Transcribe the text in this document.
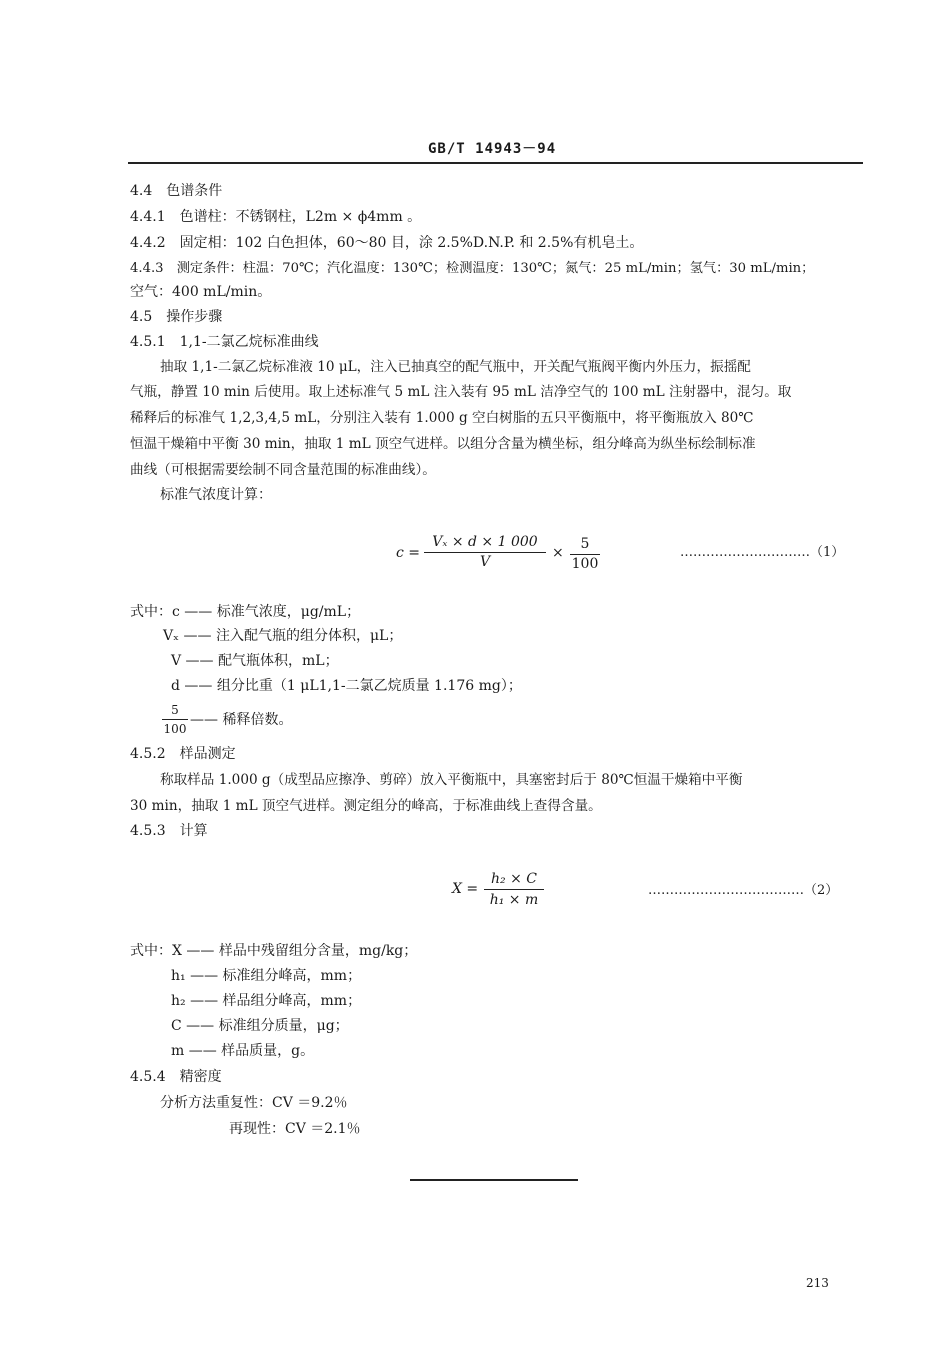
GB/T 14943－94
4.4　色谱条件
4.4.1　色谱柱：不锈钢柱，L2m × ϕ4mm 。
4.4.2　固定相：102 白色担体，60～80 目，涂 2.5%D.N.P. 和 2.5%有机皂土。
4.4.3　测定条件：柱温：70℃；汽化温度：130℃；检测温度：130℃；氮气：25 mL/min；氢气：30 mL/min；
空气：400 mL/min。
4.5　操作步骤
4.5.1　1,1-二氯乙烷标准曲线
抽取 1,1-二氯乙烷标准液 10 μL，注入已抽真空的配气瓶中，开关配气瓶阀平衡内外压力，振摇配
气瓶，静置 10 min 后使用。取上述标准气 5 mL 注入装有 95 mL 洁净空气的 100 mL 注射器中，混匀。取
稀释后的标准气 1,2,3,4,5 mL，分别注入装有 1.000 g 空白树脂的五只平衡瓶中，将平衡瓶放入 80℃
恒温干燥箱中平衡 30 min，抽取 1 mL 顶空气进样。以组分含量为横坐标，组分峰高为纵坐标绘制标准
曲线（可根据需要绘制不同含量范围的标准曲线）。
标准气浓度计算：
c =
Vₓ × d × 1 000
V
×
5
100
…………………………（1）
式中：c —— 标准气浓度，μg/mL；
Vₓ —— 注入配气瓶的组分体积，μL；
V —— 配气瓶体积，mL；
d —— 组分比重（1 μL1,1-二氯乙烷质量 1.176 mg）；
5
100
—— 稀释倍数。
4.5.2　样品测定
称取样品 1.000 g（成型品应擦净、剪碎）放入平衡瓶中，具塞密封后于 80℃恒温干燥箱中平衡
30 min，抽取 1 mL 顶空气进样。测定组分的峰高，于标准曲线上查得含量。
4.5.3　计算
X =
h₂ × C
h₁ × m
………………………………（2）
式中：X —— 样品中残留组分含量，mg/kg；
h₁ —— 标准组分峰高，mm；
h₂ —— 样品组分峰高，mm；
C —— 标准组分质量，μg；
m —— 样品质量，g。
4.5.4　精密度
分析方法重复性：CV ＝9.2％
再现性：CV ＝2.1％
213
